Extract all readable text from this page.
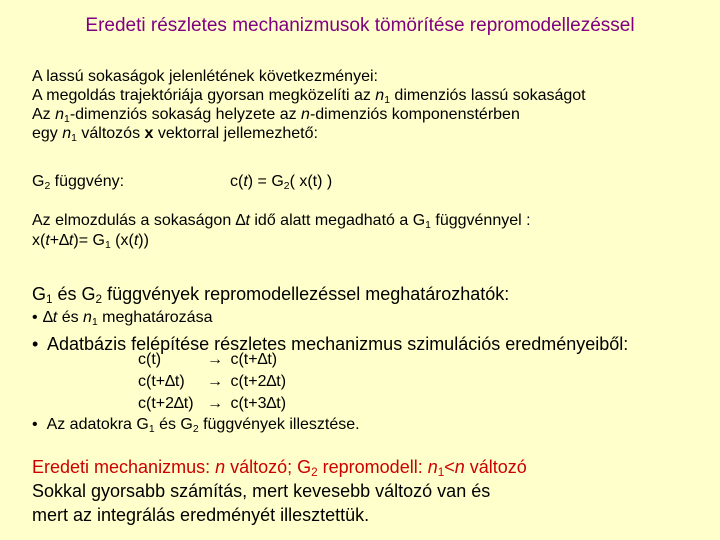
Eredeti részletes mechanizmusok tömörítése repromodellezéssel
A lassú sokaságok jelenlétének következményei:
A megoldás trajektóriája gyorsan megközelíti az $n_1$ dimenziós lassú sokaságot
Az $n_1$-dimenziós sokaság helyzete az n-dimenziós komponenstérben
egy $n_1$ változós x vektorral jellemezhető:
$G_2$ függvény:	$c(t) = G_2$( x(t) )
Az elmozdulás a sokaságon ∆t idő alatt megadható a $G_1$ függvénnyel :
$x(t+\Delta t)= G_1$ (x(t))
$G_1$ és $G_2$ függvények repromodellezéssel meghatározhatók:
• ∆t és $n_1$ meghatározása
• Adatbázis felépítése részletes mechanizmus szimulációs eredményeiből:
c(t)	→ c(t+∆t)
c(t+∆t) → c(t+2∆t)
c(t+2∆t) → c(t+3∆t)
• Az adatokra $G_1$ és $G_2$ függvények illesztése.
Eredeti mechanizmus: n változó; $G_2$ repromodell: $n_1<n$ változó
Sokkal gyorsabb számítás, mert kevesebb változó van és
mert az integrálás eredményét illesztettük.
